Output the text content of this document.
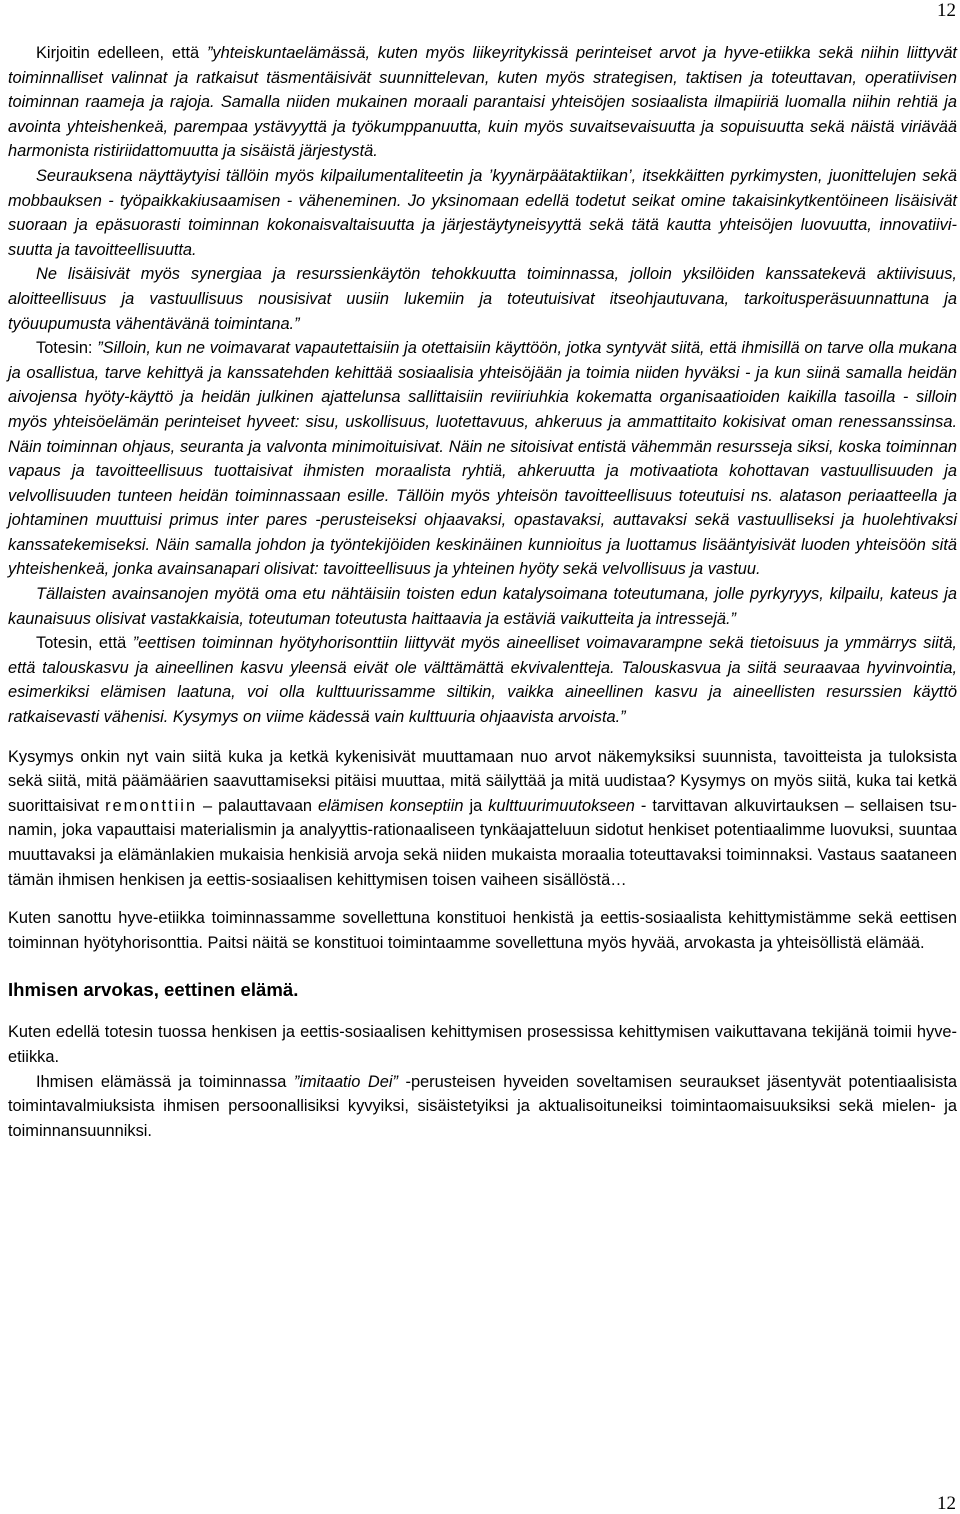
12

Kirjoitin edelleen, että ”yhteiskuntaelämässä, kuten myös liikeyritykissä perinteiset arvot ja hyve-etiikka sekä niihin liittyvät toiminnalliset valinnat ja ratkaisut täsmentäisivät suunnittelevan, kuten myös strategisen, taktisen ja toteuttavan, operatiivisen toiminnan raameja ja rajoja. Samalla niiden mukainen moraali parantaisi yhteisöjen sosiaalista ilmapiiriä luomalla niihin rehtiä ja avointa yhteishenkeä, parempaa ystävyyttä ja työkumppanuutta, kuin myös suvaitsevaisuutta ja sopuisuutta sekä näistä viriävää harmonista ristiriidattomuutta ja sisäistä järjestystä.

Seurauksena näyttäytyisi tällöin myös kilpailumentaliteetin ja ’kyynärpäätaktiikan’, itsekkäitten pyrkimysten, juonittelujen sekä mobbauksen - työpaikkakiusaamisen - väheneminen. Jo yksinomaan edellä todetut seikat omine takaisinkytkentöineen lisäisivät suoraan ja epäsuorasti toiminnan kokonaisvaltaisuutta ja järjestäytyneisyyttä sekä tätä kautta yhteisöjen luovuutta, innovatiivisuutta ja tavoitteellisuutta.

Ne lisäisivät myös synergiaa ja resurssienkäytön tehokkuutta toiminnassa, jolloin yksilöiden kanssatekevä aktiivisuus, aloitteellisuus ja vastuullisuus nousisivat uusiin lukemiin ja toteutuisivat itseohjautuvana, tarkoitusperäsuunnattuna ja työuupumusta vähentävänä toimintana.”

Totesin: ”Silloin, kun ne voimavarat vapautettaisiin ja otettaisiin käyttöön, jotka syntyvät siitä, että ihmisillä on tarve olla mukana ja osallistua, tarve kehittyä ja kanssatehden kehittää sosiaalisia yhteisöjään ja toimia niiden hyväksi - ja kun siinä samalla heidän aivojensa hyöty-käyttö ja heidän julkinen ajattelunsa sallittaisiin reviiriuhkia kokematta organisaatioiden kaikilla tasoilla - silloin myös yhteisöelämän perinteiset hyveet: sisu, uskollisuus, luotettavuus, ahkeruus ja ammattitaito kokisivat oman renessanssinsa. Näin toiminnan ohjaus, seuranta ja valvonta minimoituisivat. Näin ne sitoisivat entistä vähemmän resursseja siksi, koska toiminnan vapaus ja tavoitteellisuus tuottaisivat ihmisten moraalista ryhtiä, ahkeruutta ja motivaatiota kohottavan vastuullisuuden ja velvollisuuden tunteen heidän toiminnassaan esille. Tällöin myös yhteisön tavoitteellisuus toteutuisi ns. alatason periaatteella ja johtaminen muuttuisi primus inter pares -perusteiseksi ohjaavaksi, opastavaksi, auttavaksi sekä vastuulliseksi ja huolehtivaksi kanssatekemiseksi. Näin samalla johdon ja työntekijöiden keskinäinen kunnioitus ja luottamus lisääntyisivät luoden yhteisöön sitä yhteishenkeä, jonka avainsanapari olisivat: tavoitteellisuus ja yhteinen hyöty sekä velvollisuus ja vastuu.

Tällaisten avainsanojen myötä oma etu nähtäisiin toisten edun katalysoimana toteutumana, jolle pyrkyryys, kilpailu, kateus ja kaunaisuus olisivat vastakkaisia, toteutuman toteutusta haittaavia ja estäviä vaikutteita ja intressejä.”

Totesin, että ”eettisen toiminnan hyötyhorisonttiin liittyvät myös aineelliset voimavarampne sekä tietoisuus ja ymmärrys siitä, että talouskasvu ja aineellinen kasvu yleensä eivät ole välttämättä ekvivalentteja. Talouskasvua ja siitä seuraavaa hyvinvointia, esimerkiksi elämisen laatuna, voi olla kulttuurissamme siltikin, vaikka aineellinen kasvu ja aineellisten resurssien käyttö ratkaisevasti vähenisi. Kysymys on viime kädessä vain kulttuuria ohjaavista arvoista.”

Kysymys onkin nyt vain siitä kuka ja ketkä kykenisivät muuttamaan nuo arvot näkemyksiksi suunnista, tavoitteista ja tuloksista sekä siitä, mitä päämäärien saavuttamiseksi pitäisi muuttaa, mitä säilyttää ja mitä uudistaa? Kysymys on myös siitä, kuka tai ketkä suorittaisivat remonttiin – palauttavaan elämisen konseptiin ja kulttuurimuutokseen - tarvittavan alkuvirtauksen – sellaisen tsunamin, joka vapauttaisi materialismin ja analyyttis-rationaaliseen tynkäajatteluun sidotut henkiset potentiaalimme luovuksi, suuntaa muuttavaksi ja elämänlakien mukaisia henkisiä arvoja sekä niiden mukaista moraalia toteuttavaksi toiminnaksi. Vastaus saataneen tämän ihmisen henkisen ja eettis-sosiaalisen kehittymisen toisen vaiheen sisällöstä…

Kuten sanottu hyve-etiikka toiminnassamme sovellettuna konstituoi henkistä ja eettis-sosiaalista kehittymistämme sekä eettisen toiminnan hyötyhorisonttia. Paitsi näitä se konstituoi toimintaamme sovellettuna myös hyvää, arvokasta ja yhteisöllistä elämää.

Ihmisen arvokas, eettinen elämä.

Kuten edellä totesin tuossa henkisen ja eettis-sosiaalisen kehittymisen prosessissa kehittymisen vaikuttavana tekijänä toimii hyve-etiikka.

Ihmisen elämässä ja toiminnassa ”imitaatio Dei” -perusteisen hyveiden soveltamisen seuraukset jäsentyvät potentiaalisista toimintavalmiuksista ihmisen persoonallisiksi kyvyiksi, sisäistetyiksi ja aktualisoituneiksi toimintaomaisuuksiksi sekä mielen- ja toiminnansuunniksi.

12
